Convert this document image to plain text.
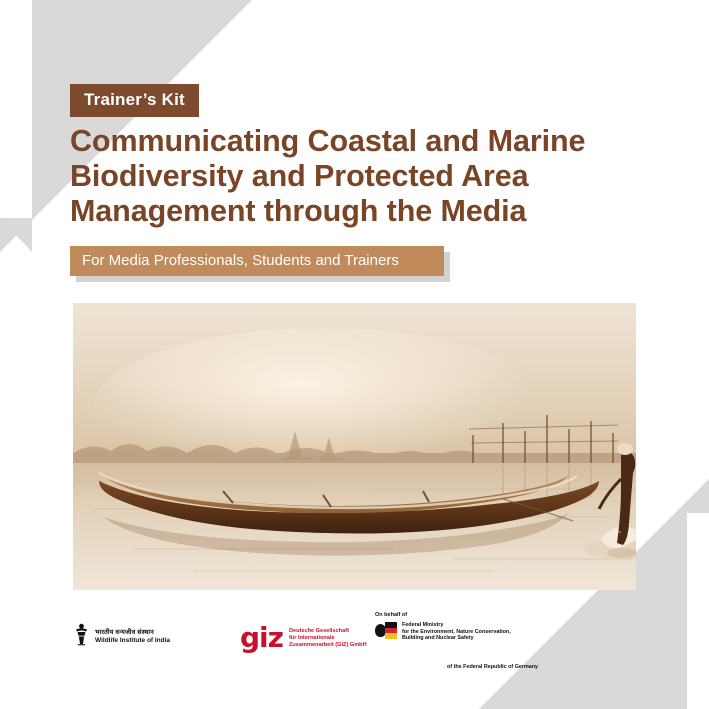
Trainer’s Kit
Communicating Coastal and Marine
Biodiversity and Protected Area
Management through the Media
For Media Professionals, Students and Trainers
भारतीय वन्यजीव संस्थान
Wildlife Institute of India giz Deutsche Gesellschaft
für Internationale
Zusammenarbeit (GIZ) GmbH
On behalf of
Federal Ministry
for the Environment, Nature Conservation,
Building and Nuclear Safety
of the Federal Republic of Germany
